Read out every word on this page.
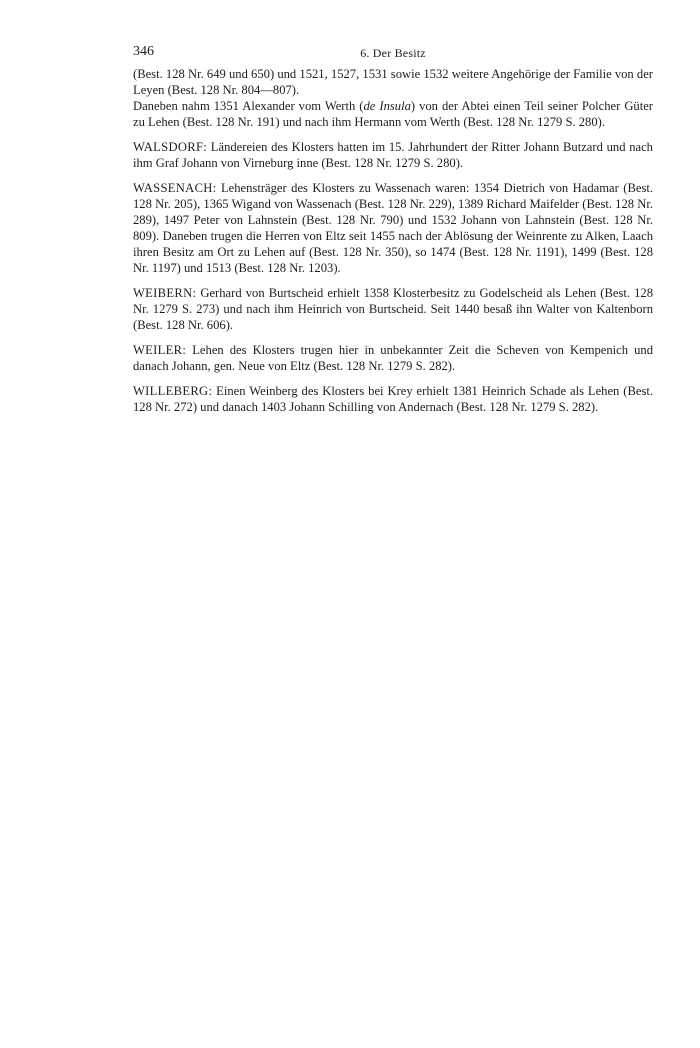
346	6. Der Besitz

(Best. 128 Nr. 649 und 650) und 1521, 1527, 1531 sowie 1532 weitere Angehörige der Familie von der Leyen (Best. 128 Nr. 804—807).

Daneben nahm 1351 Alexander vom Werth (de Insula) von der Abtei einen Teil seiner Polcher Güter zu Lehen (Best. 128 Nr. 191) und nach ihm Hermann vom Werth (Best. 128 Nr. 1279 S. 280).

WALSDORF: Ländereien des Klosters hatten im 15. Jahrhundert der Ritter Johann Butzard und nach ihm Graf Johann von Virneburg inne (Best. 128 Nr. 1279 S. 280).

WASSENACH: Lehensträger des Klosters zu Wassenach waren: 1354 Dietrich von Hadamar (Best. 128 Nr. 205), 1365 Wigand von Wassenach (Best. 128 Nr. 229), 1389 Richard Maifelder (Best. 128 Nr. 289), 1497 Peter von Lahnstein (Best. 128 Nr. 790) und 1532 Johann von Lahnstein (Best. 128 Nr. 809). Daneben trugen die Herren von Eltz seit 1455 nach der Ablösung der Weinrente zu Alken, Laach ihren Besitz am Ort zu Lehen auf (Best. 128 Nr. 350), so 1474 (Best. 128 Nr. 1191), 1499 (Best. 128 Nr. 1197) und 1513 (Best. 128 Nr. 1203).

WEIBERN: Gerhard von Burtscheid erhielt 1358 Klosterbesitz zu Godelscheid als Lehen (Best. 128 Nr. 1279 S. 273) und nach ihm Heinrich von Burtscheid. Seit 1440 besaß ihn Walter von Kaltenborn (Best. 128 Nr. 606).

WEILER: Lehen des Klosters trugen hier in unbekannter Zeit die Scheven von Kempenich und danach Johann, gen. Neue von Eltz (Best. 128 Nr. 1279 S. 282).

WILLEBERG: Einen Weinberg des Klosters bei Krey erhielt 1381 Heinrich Schade als Lehen (Best. 128 Nr. 272) und danach 1403 Johann Schilling von Andernach (Best. 128 Nr. 1279 S. 282).
